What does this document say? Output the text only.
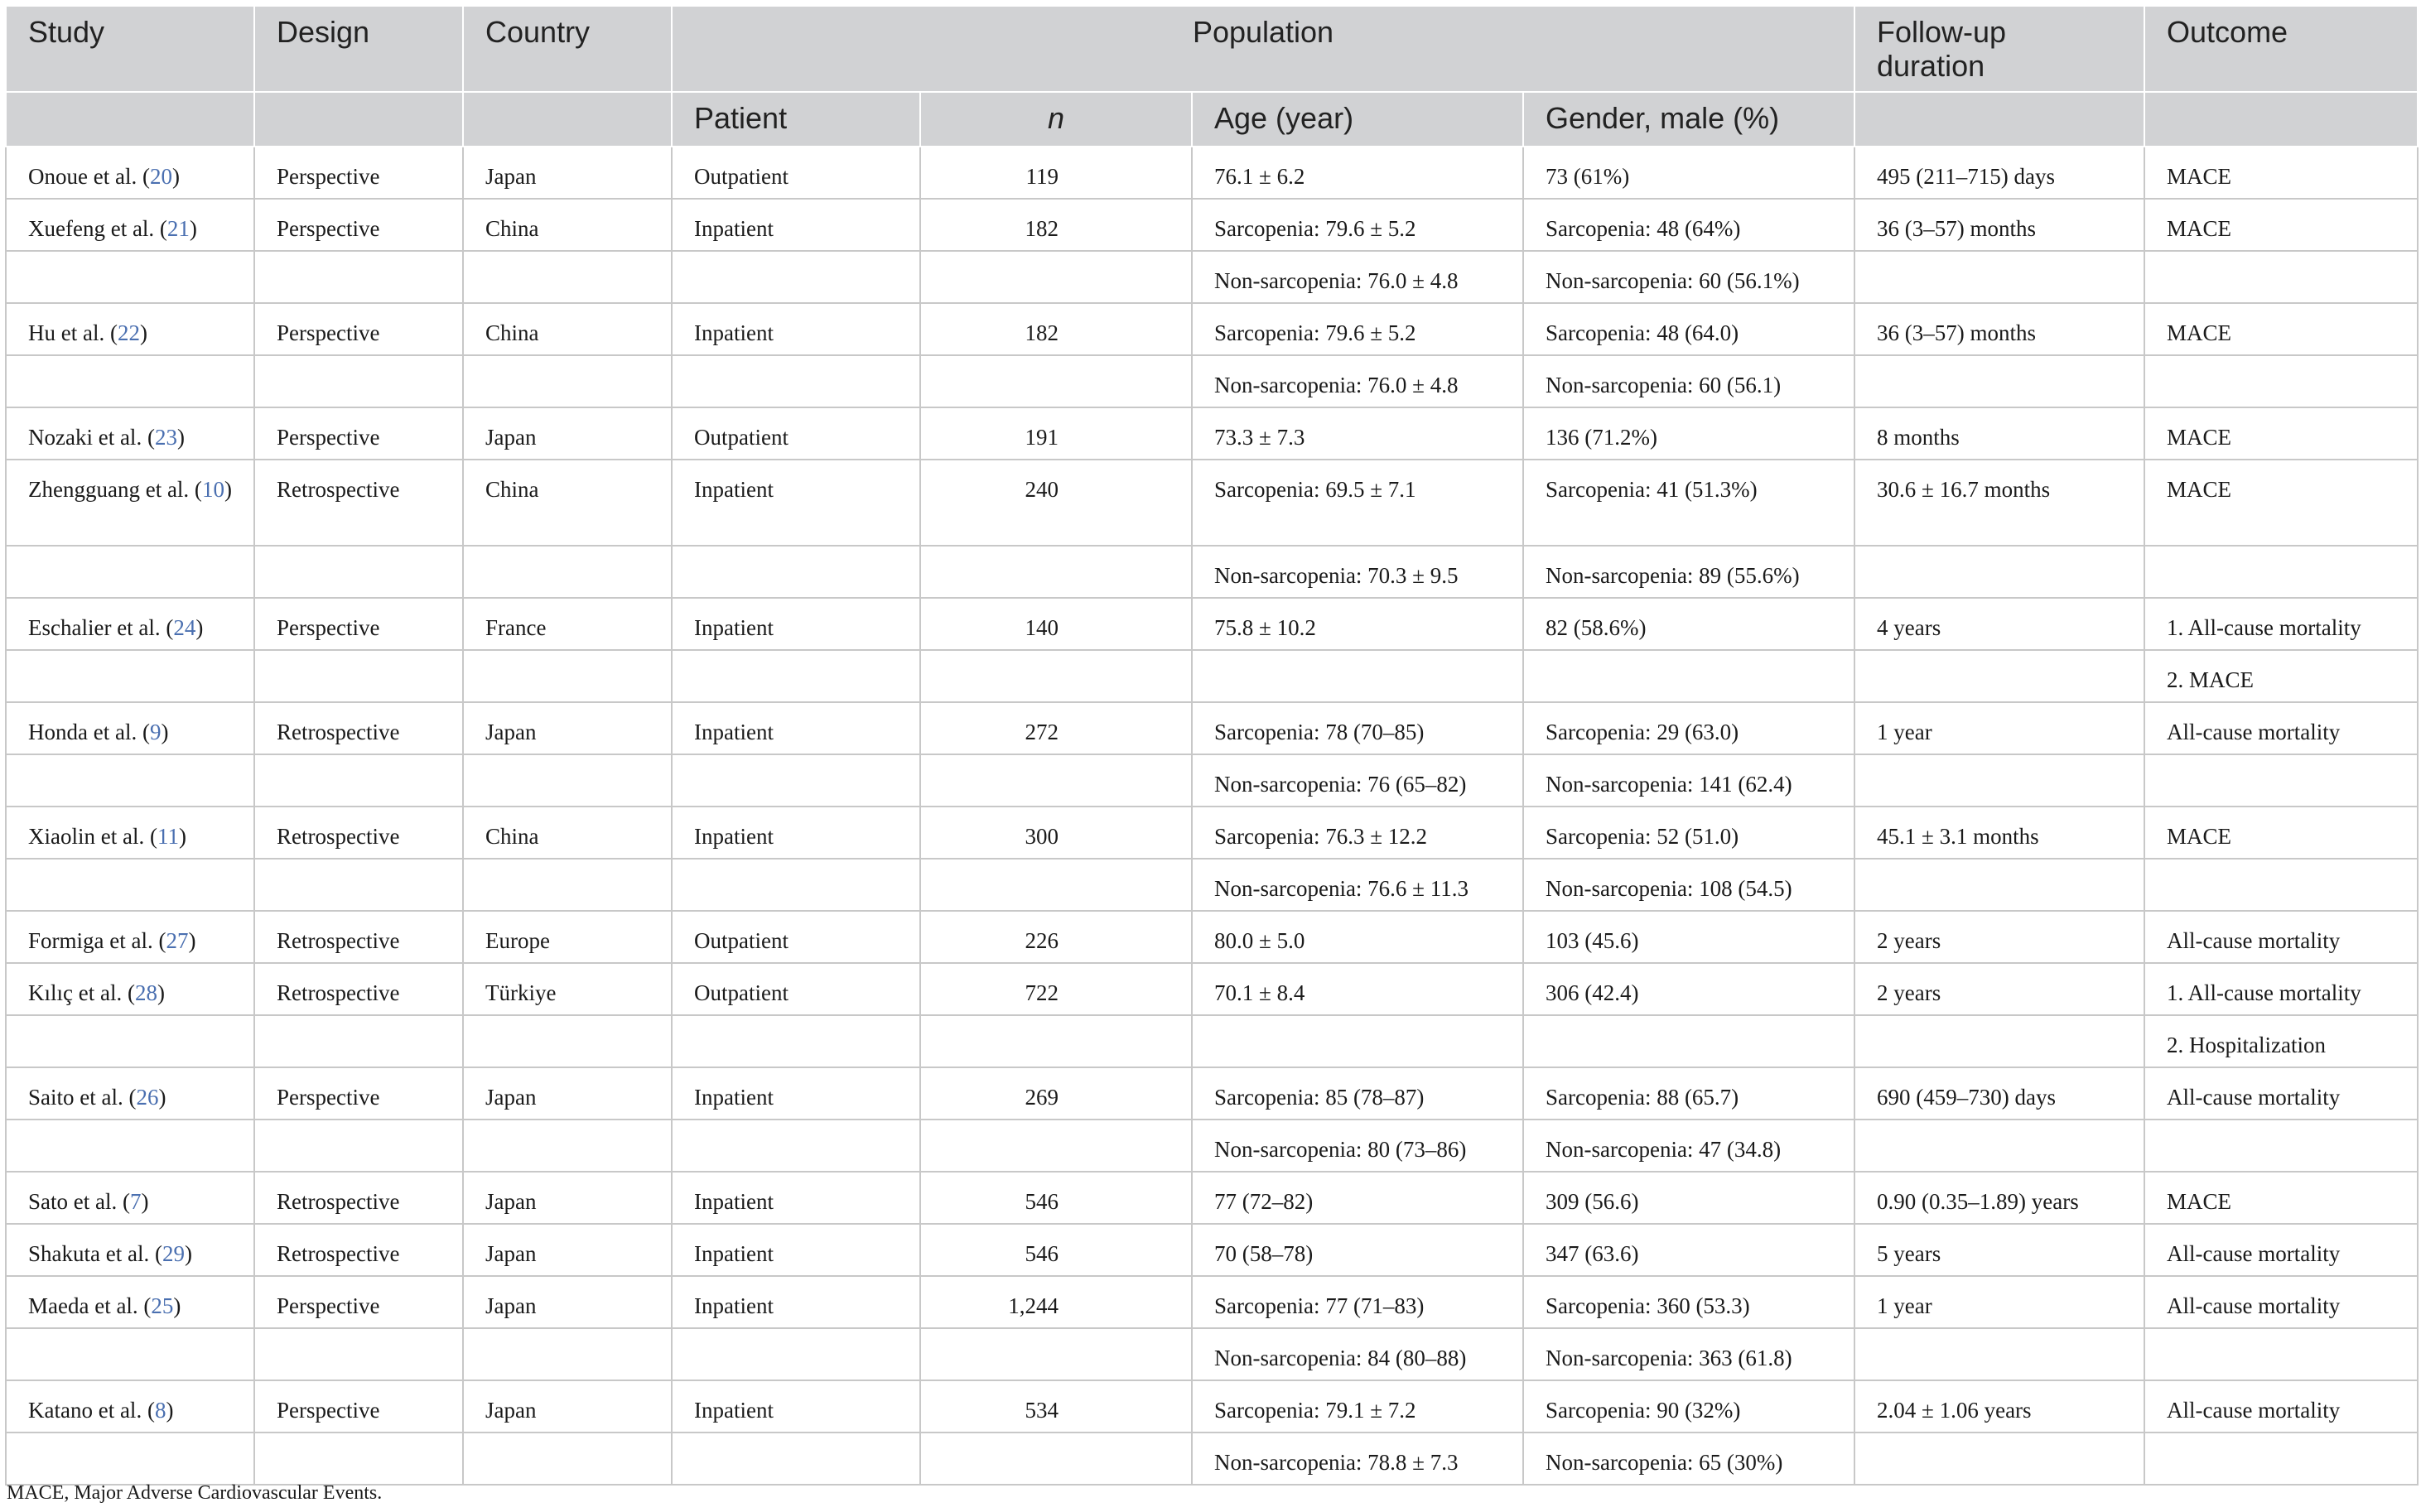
Study	Design	Country	Population				Follow-up duration	Outcome
			Patient	n	Age (year)	Gender, male (%)		
Onoue et al. (20)	Perspective	Japan	Outpatient	119	76.1 ± 6.2	73 (61%)	495 (211–715) days	MACE
Xuefeng et al. (21)	Perspective	China	Inpatient	182	Sarcopenia: 79.6 ± 5.2	Sarcopenia: 48 (64%)	36 (3–57) months	MACE
					Non-sarcopenia: 76.0 ± 4.8	Non-sarcopenia: 60 (56.1%)		
Hu et al. (22)	Perspective	China	Inpatient	182	Sarcopenia: 79.6 ± 5.2	Sarcopenia: 48 (64.0)	36 (3–57) months	MACE
					Non-sarcopenia: 76.0 ± 4.8	Non-sarcopenia: 60 (56.1)		
Nozaki et al. (23)	Perspective	Japan	Outpatient	191	73.3 ± 7.3	136 (71.2%)	8 months	MACE
Zhengguang et al. (10)	Retrospective	China	Inpatient	240	Sarcopenia: 69.5 ± 7.1	Sarcopenia: 41 (51.3%)	30.6 ± 16.7 months	MACE
					Non-sarcopenia: 70.3 ± 9.5	Non-sarcopenia: 89 (55.6%)		
Eschalier et al. (24)	Perspective	France	Inpatient	140	75.8 ± 10.2	82 (58.6%)	4 years	1. All-cause mortality
								2. MACE
Honda et al. (9)	Retrospective	Japan	Inpatient	272	Sarcopenia: 78 (70–85)	Sarcopenia: 29 (63.0)	1 year	All-cause mortality
					Non-sarcopenia: 76 (65–82)	Non-sarcopenia: 141 (62.4)		
Xiaolin et al. (11)	Retrospective	China	Inpatient	300	Sarcopenia: 76.3 ± 12.2	Sarcopenia: 52 (51.0)	45.1 ± 3.1 months	MACE
					Non-sarcopenia: 76.6 ± 11.3	Non-sarcopenia: 108 (54.5)		
Formiga et al. (27)	Retrospective	Europe	Outpatient	226	80.0 ± 5.0	103 (45.6)	2 years	All-cause mortality
Kılıç et al. (28)	Retrospective	Türkiye	Outpatient	722	70.1 ± 8.4	306 (42.4)	2 years	1. All-cause mortality
								2. Hospitalization
Saito et al. (26)	Perspective	Japan	Inpatient	269	Sarcopenia: 85 (78–87)	Sarcopenia: 88 (65.7)	690 (459–730) days	All-cause mortality
					Non-sarcopenia: 80 (73–86)	Non-sarcopenia: 47 (34.8)		
Sato et al. (7)	Retrospective	Japan	Inpatient	546	77 (72–82)	309 (56.6)	0.90 (0.35–1.89) years	MACE
Shakuta et al. (29)	Retrospective	Japan	Inpatient	546	70 (58–78)	347 (63.6)	5 years	All-cause mortality
Maeda et al. (25)	Perspective	Japan	Inpatient	1,244	Sarcopenia: 77 (71–83)	Sarcopenia: 360 (53.3)	1 year	All-cause mortality
					Non-sarcopenia: 84 (80–88)	Non-sarcopenia: 363 (61.8)		
Katano et al. (8)	Perspective	Japan	Inpatient	534	Sarcopenia: 79.1 ± 7.2	Sarcopenia: 90 (32%)	2.04 ± 1.06 years	All-cause mortality
					Non-sarcopenia: 78.8 ± 7.3	Non-sarcopenia: 65 (30%)		
MACE, Major Adverse Cardiovascular Events.
